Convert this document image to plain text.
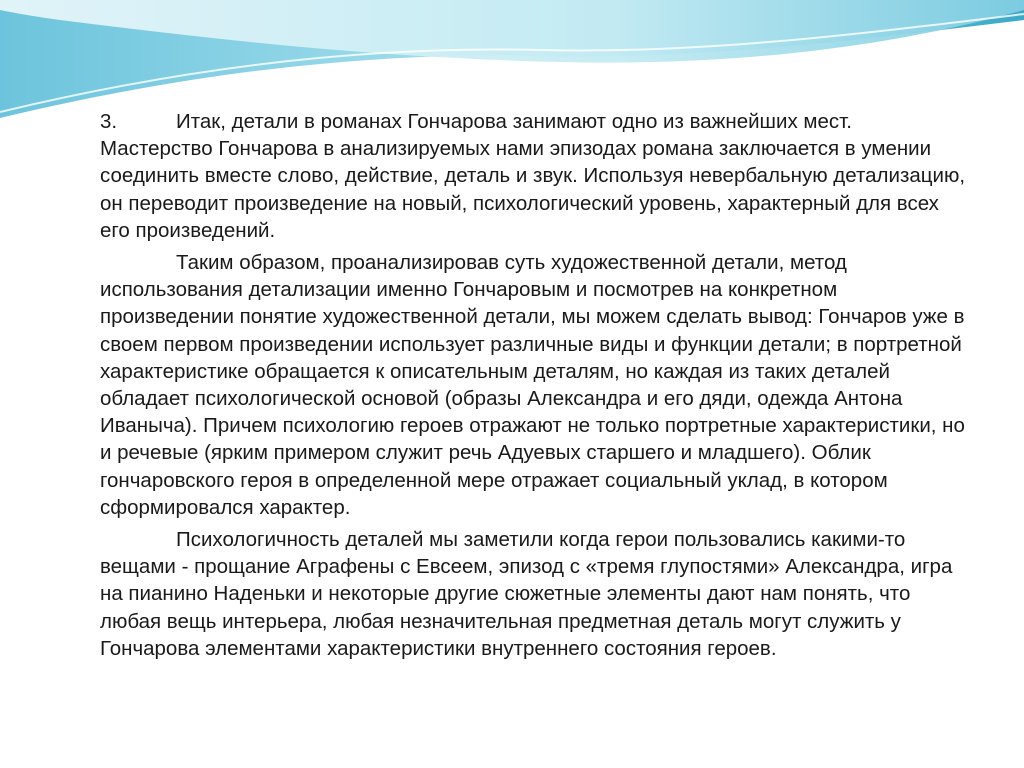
3.	Итак, детали в романах Гончарова занимают одно из важнейших мест. Мастерство Гончарова в анализируемых нами эпизодах романа заключается в умении соединить вместе слово, действие, деталь и звук. Используя невербальную детализацию, он переводит произведение на новый, психологический уровень, характерный для всех его произведений.

Таким образом, проанализировав суть художественной детали, метод использования детализации именно Гончаровым и посмотрев на конкретном произведении понятие художественной детали, мы можем сделать вывод: Гончаров уже в своем первом произведении использует различные виды и функции детали; в портретной характеристике обращается к описательным деталям, но каждая из таких деталей обладает психологической основой (образы Александра и его дяди, одежда Антона Иваныча). Причем психологию героев отражают не только портретные характеристики, но и речевые (ярким примером служит речь Адуевых старшего и младшего). Облик гончаровского героя в определенной мере отражает социальный уклад, в котором сформировался характер.

Психологичность деталей мы заметили когда герои пользовались какими-то вещами - прощание Аграфены с Евсеем, эпизод с «тремя глупостями» Александра, игра на пианино Наденьки и некоторые другие сюжетные элементы дают нам понять, что любая вещь интерьера, любая незначительная предметная деталь могут служить у Гончарова элементами характеристики внутреннего состояния героев.
